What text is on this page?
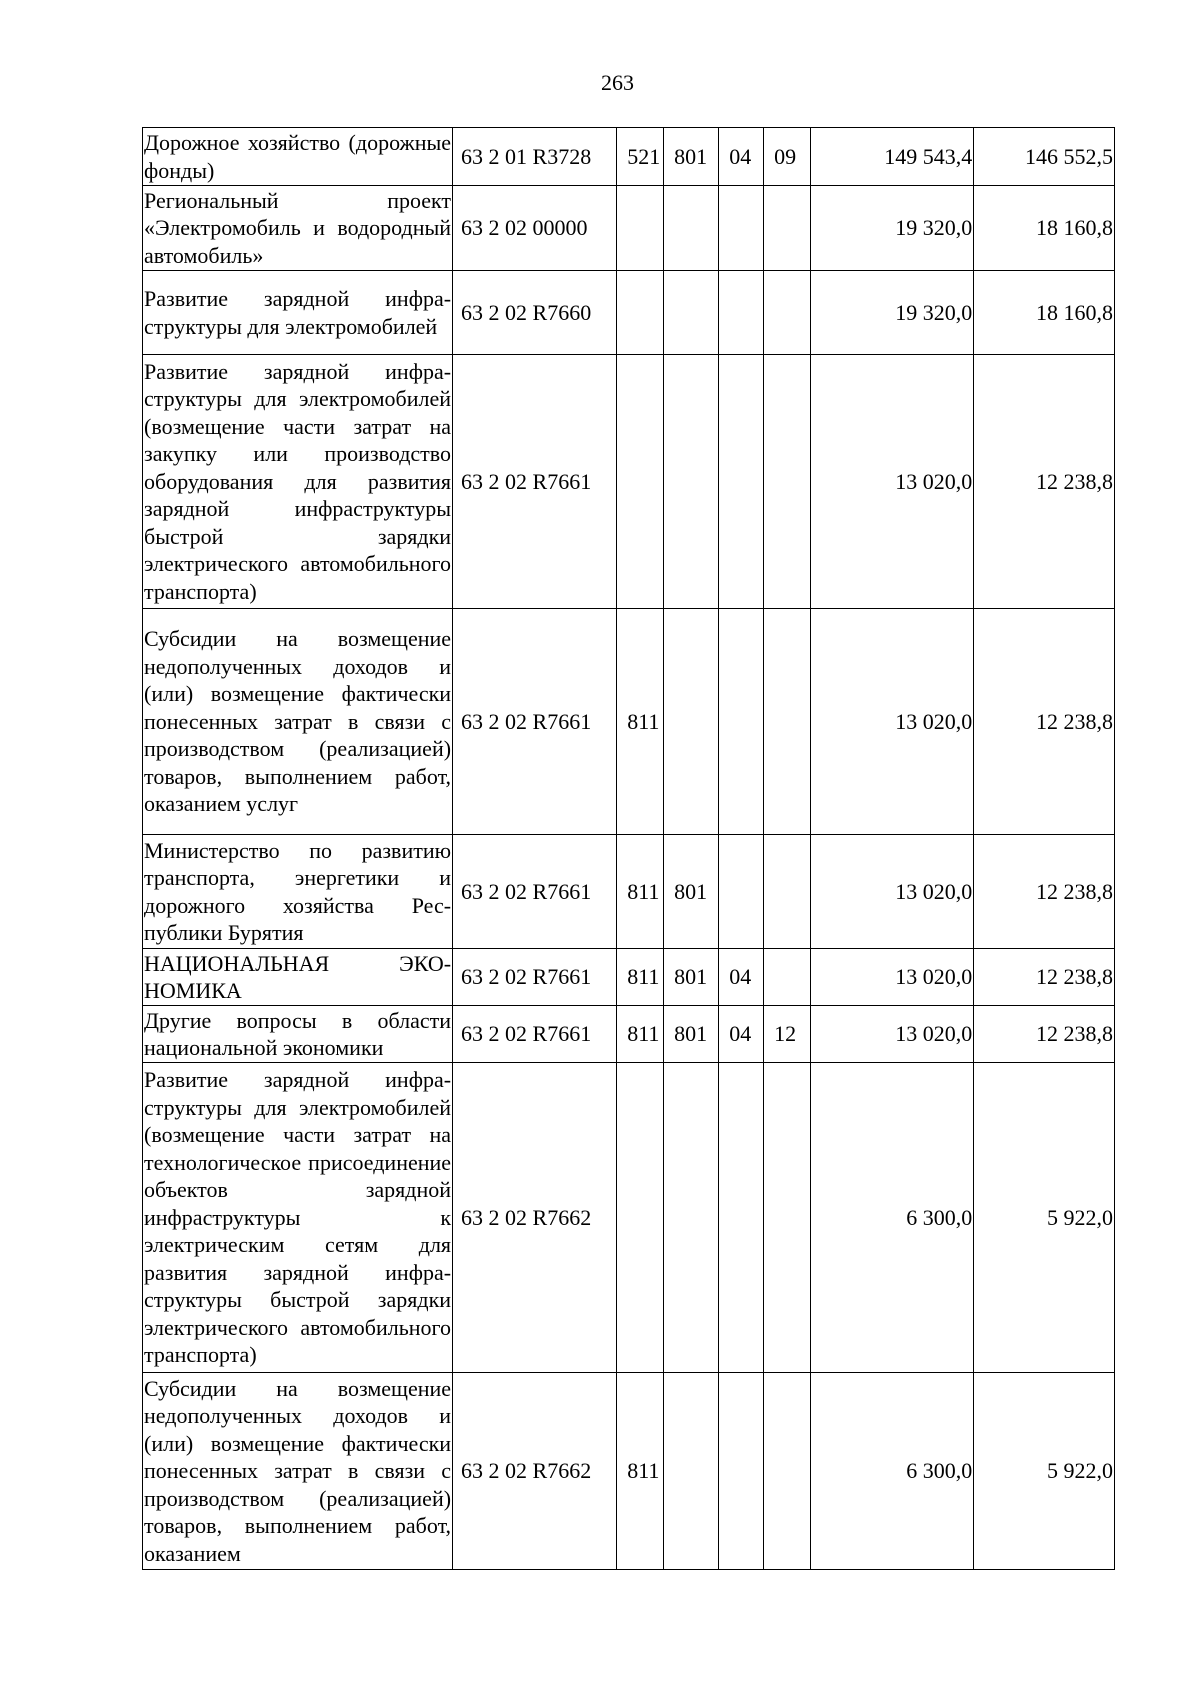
263
Дорожное хозяйство (дорожные фонды)	63 2 01 R3728	521	801	04	09	149 543,4	146 552,5
Региональный проект «Электромобиль и водородный автомобиль»	63 2 02 00000					19 320,0	18 160,8
Развитие зарядной инфраструктуры для электромобилей	63 2 02 R7660					19 320,0	18 160,8
Развитие зарядной инфраструктуры для электромобилей (возмещение части затрат на закупку или производство оборудования для развития зарядной инфраструктуры быстрой зарядки электрического автомобильного транспорта)	63 2 02 R7661					13 020,0	12 238,8
Субсидии на возмещение недополученных доходов и (или) возмещение фактически понесенных затрат в связи с производством (реализацией) товаров, выполнением работ, оказанием услуг	63 2 02 R7661	811				13 020,0	12 238,8
Министерство по развитию транспорта, энергетики и дорожного хозяйства Республики Бурятия	63 2 02 R7661	811	801			13 020,0	12 238,8
НАЦИОНАЛЬНАЯ ЭКОНОМИКА	63 2 02 R7661	811	801	04		13 020,0	12 238,8
Другие вопросы в области национальной экономики	63 2 02 R7661	811	801	04	12	13 020,0	12 238,8
Развитие зарядной инфраструктуры для электромобилей (возмещение части затрат на технологическое присоединение объектов зарядной инфраструктуры к электрическим сетям для развития зарядной инфраструктуры быстрой зарядки электрического автомобильного транспорта)	63 2 02 R7662					6 300,0	5 922,0
Субсидии на возмещение недополученных доходов и (или) возмещение фактически понесенных затрат в связи с производством (реализацией) товаров, выполнением работ, оказанием	63 2 02 R7662	811				6 300,0	5 922,0
